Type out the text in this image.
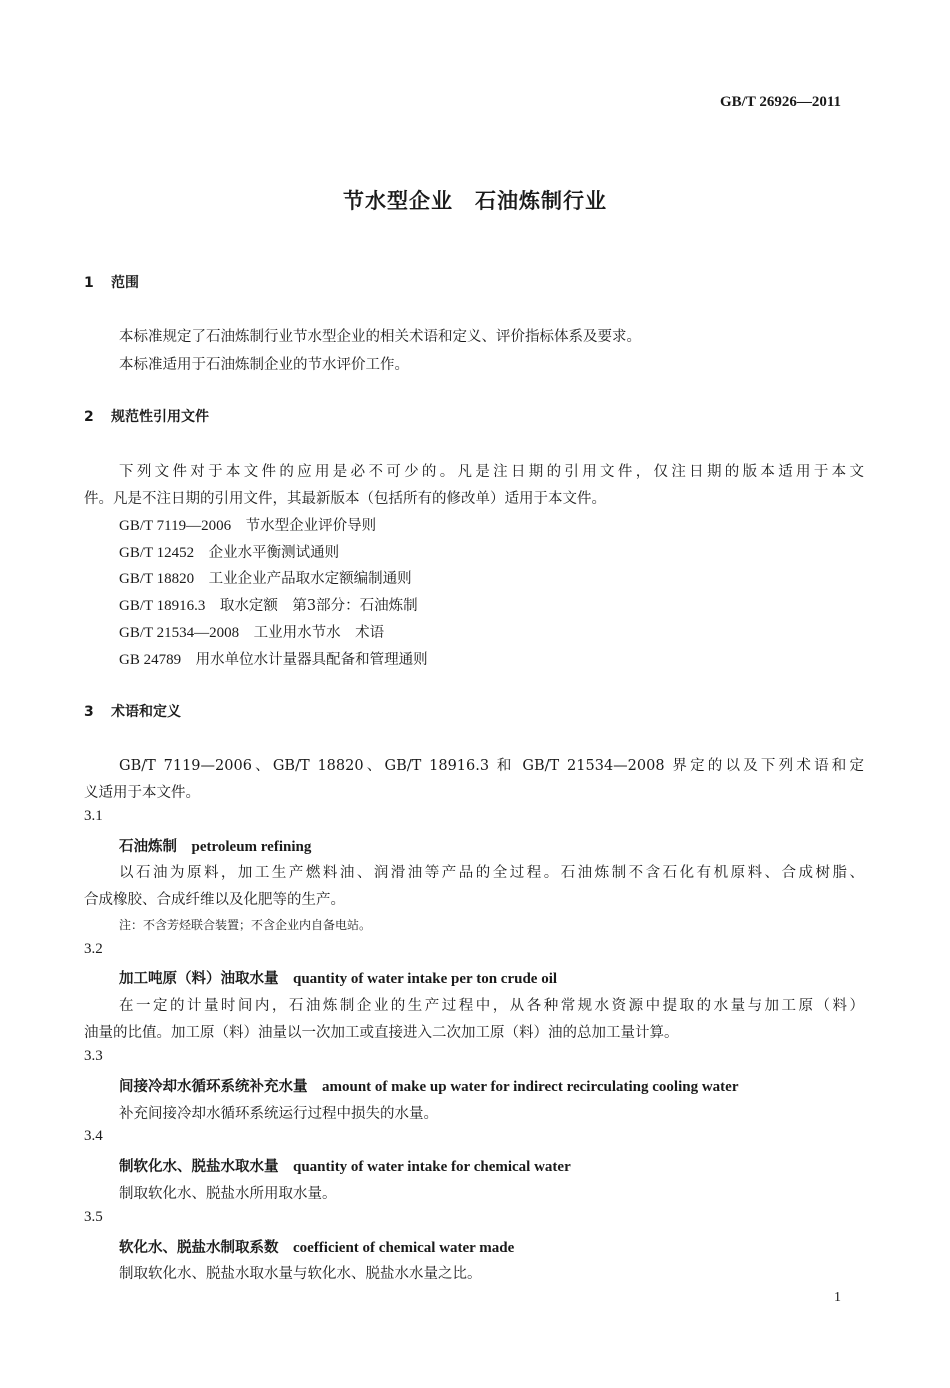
GB/T 26926—2011
节水型企业　石油炼制行业
1 范围
本标准规定了石油炼制行业节水型企业的相关术语和定义、评价指标体系及要求。
本标准适用于石油炼制企业的节水评价工作。
2 规范性引用文件
下列文件对于本文件的应用是必不可少的。凡是注日期的引用文件，仅注日期的版本适用于本文
件。凡是不注日期的引用文件，其最新版本（包括所有的修改单）适用于本文件。
GB/T 7119—2006　 节水型企业评价导则
GB/T 12452　 企业水平衡测试通则
GB/T 18820　 工业企业产品取水定额编制通则
GB/T 18916.3　 取水定额　第3部分：石油炼制
GB/T 21534—2008　 工业用水节水　术语
GB 24789　 用水单位水计量器具配备和管理通则
3 术语和定义
GB/T 7119—2006、GB/T 18820、GB/T 18916.3 和 GB/T 21534—2008 界定的以及下列术语和定
义适用于本文件。
3.1
石油炼制　 petroleum refining
以石油为原料，加工生产燃料油、润滑油等产品的全过程。石油炼制不含石化有机原料、合成树脂、
合成橡胶、合成纤维以及化肥等的生产。
注：不含芳烃联合装置；不含企业内自备电站。
3.2
加工吨原（料）油取水量　 quantity of water intake per ton crude oil
在一定的计量时间内，石油炼制企业的生产过程中，从各种常规水资源中提取的水量与加工原（料）
油量的比值。加工原（料）油量以一次加工或直接进入二次加工原（料）油的总加工量计算。
3.3
间接冷却水循环系统补充水量　 amount of make up water for indirect recirculating cooling water
补充间接冷却水循环系统运行过程中损失的水量。
3.4
制软化水、脱盐水取水量　 quantity of water intake for chemical water
制取软化水、脱盐水所用取水量。
3.5
软化水、脱盐水制取系数　 coefficient of chemical water made
制取软化水、脱盐水取水量与软化水、脱盐水水量之比。
1
